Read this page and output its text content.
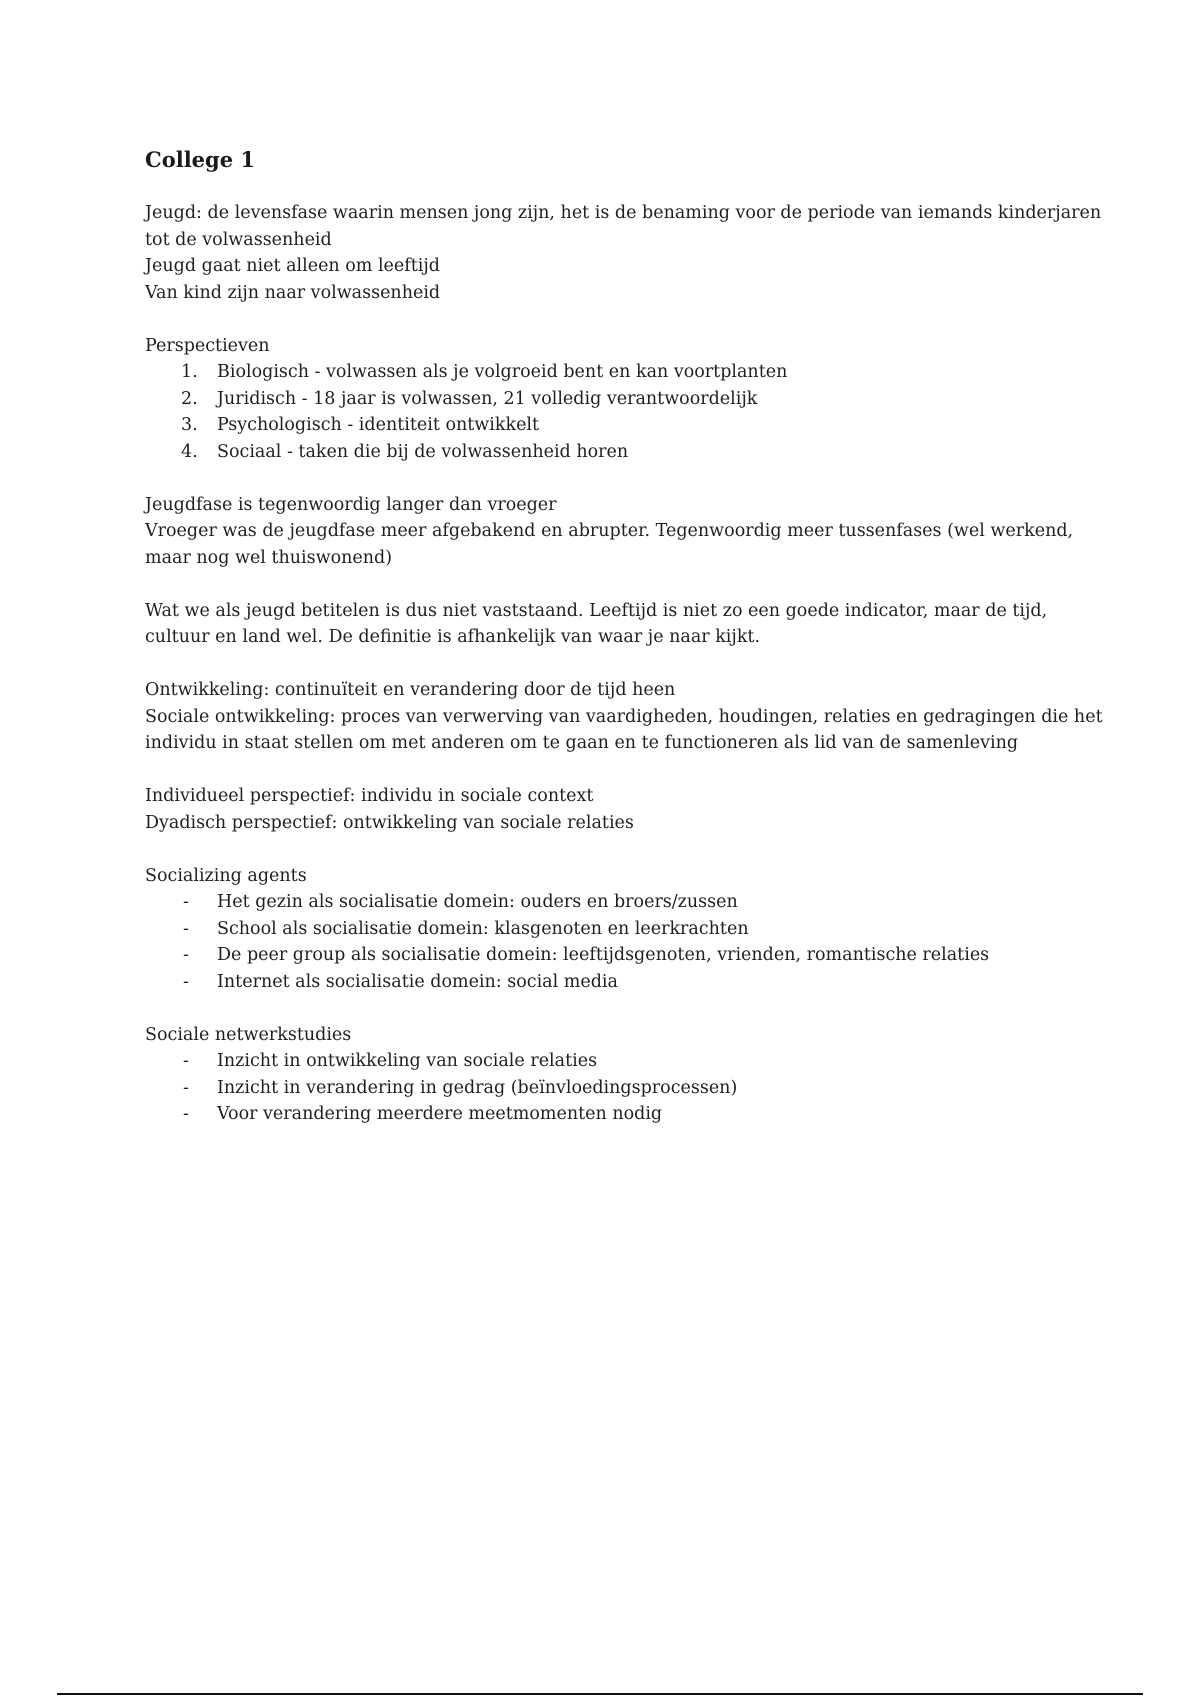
College 1

Jeugd: de levensfase waarin mensen jong zijn, het is de benaming voor de periode van iemands kinderjaren tot de volwassenheid

Jeugd gaat niet alleen om leeftijd

Van kind zijn naar volwassenheid

Perspectieven

1.	Biologisch - volwassen als je volgroeid bent en kan voortplanten
2.	Juridisch - 18 jaar is volwassen, 21 volledig verantwoordelijk
3.	Psychologisch - identiteit ontwikkelt
4.	Sociaal - taken die bij de volwassenheid horen

Jeugdfase is tegenwoordig langer dan vroeger

Vroeger was de jeugdfase meer afgebakend en abrupter. Tegenwoordig meer tussenfases (wel werkend, maar nog wel thuiswonend)

Wat we als jeugd betitelen is dus niet vaststaand. Leeftijd is niet zo een goede indicator, maar de tijd, cultuur en land wel. De definitie is afhankelijk van waar je naar kijkt.

Ontwikkeling: continuïteit en verandering door de tijd heen

Sociale ontwikkeling: proces van verwerving van vaardigheden, houdingen, relaties en gedragingen die het individu in staat stellen om met anderen om te gaan en te functioneren als lid van de samenleving

Individueel perspectief: individu in sociale context

Dyadisch perspectief: ontwikkeling van sociale relaties

Socializing agents

-	Het gezin als socialisatie domein: ouders en broers/zussen
-	School als socialisatie domein: klasgenoten en leerkrachten
-	De peer group als socialisatie domein: leeftijdsgenoten, vrienden, romantische relaties
-	Internet als socialisatie domein: social media

Sociale netwerkstudies

-	Inzicht in ontwikkeling van sociale relaties
-	Inzicht in verandering in gedrag (beïnvloedingsprocessen)
-	Voor verandering meerdere meetmomenten nodig
